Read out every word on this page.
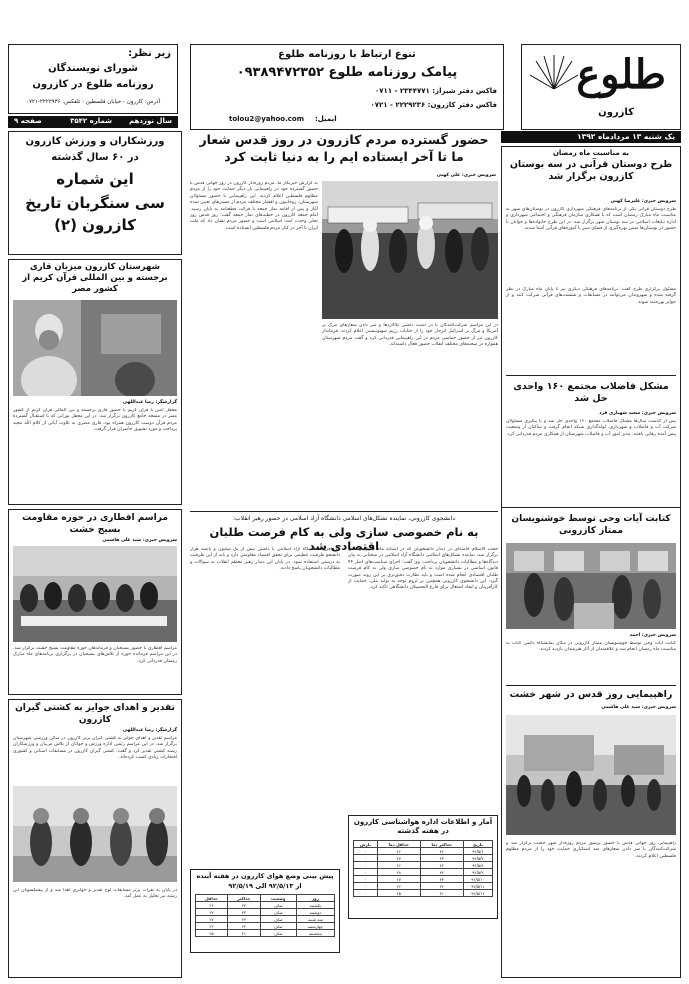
طلوع
کازرون
تنوع ارتباط با روزنامه طلوع
پیامک روزنامه طلوع ۰۹۳۸۹۴۷۲۳۵۲
فاکس دفتر شیراز: ۲۳۴۴۷۷۱ - ۰۷۱۱
فاکس دفتر کازرون: ۲۲۲۹۲۳۶ - ۰۷۲۱
ایمیل:
tolou2@yahoo.com
زیر نظر:
شورای نویسندگان
روزنامه طلوع در کازرون
آدرس: کازرون - خیابان فلسطین - تلفکس: ۲۲۲۲۹۳۶-۰۷۲۱
یک شنبه ۱۳ مردادماه ۱۳۹۲
سال نوزدهم
شماره ۳۵۴۲
صفحه ۹
به مناسبت ماه رمضان
طرح دوستان قرآنی در سه بوستان کازرون برگزار شد
سرویس خبری: علیرضا کهنی
طرح دوستان قرآنی یکی از برنامه‌های فرهنگی شهرداری کازرون در بوستان‌های شهر به مناسبت ماه مبارک رمضان است که با همکاری سازمان فرهنگی و اجتماعی شهرداری و اداره تبلیغات اسلامی در سه بوستان شهر برگزار شد. در این طرح خانواده‌ها و جوانان با حضور در بوستان‌ها ضمن بهره‌گیری از فضای سبز با آموزه‌های قرآنی آشنا شدند.
مسئول برگزاری طرح گفت: برنامه‌های فرهنگی دیگری نیز تا پایان ماه مبارک در نظر گرفته شده و شهروندان می‌توانند در مسابقات و نشست‌های قرآنی شرکت کنند و از جوایز بهره‌مند شوند.
مشکل فاضلاب مجتمع ۱۶۰ واحدی حل شد
سرویس خبری: سعید شهبازی فرد
پس از گذشت سال‌ها مشکل فاضلاب مجتمع ۱۶۰ واحدی حل شد و با پیگیری مسئولان شرکت آب و فاضلاب و شهرداری، لوله‌گذاری شبکه انجام گرفت و ساکنان از وضعیت پیش آمده رهایی یافتند. مدیر امور آب و فاضلاب شهرستان از همکاری مردم قدردانی کرد.
کتابت آیات وحی توسط خوشنویسان ممتاز کازرونی
سرویس خبری: احمد
کتابت آیات وحی توسط خوشنویسان ممتاز کازرونی در مکان نمایشگاه دائمی کتاب به مناسبت ماه رمضان انجام شد و علاقمندان از آثار هنرمندان بازدید کردند.
راهپیمایی روز قدس در شهر خشت
سرویس خبری: سید علی هاشمی
راهپیمایی روز جهانی قدس با حضور پرشور مردم روزه‌دار شهر خشت برگزار شد و شرکت‌کنندگان با سر دادن شعارهای ضد استکباری حمایت خود را از مردم مظلوم فلسطین اعلام کردند.
حضور گسترده مردم کازرون در روز قدس شعار ما تا آخر ایستاده ایم را به دنیا ثابت کرد
سرویس خبری: علی کهنی
به گزارش خبرنگار ما، مردم روزه‌دار کازرون در روز جهانی قدس با حضور گسترده خود در راهپیمایی بار دیگر حمایت خود را از مردم مظلوم فلسطین اعلام کردند. این راهپیمایی با حضور مسئولان شهرستان، روحانیون و اقشار مختلف مردم از مسیرهای تعیین شده آغاز و پس از اقامه نماز جمعه با قرائت قطعنامه به پایان رسید. امام جمعه کازرون در خطبه‌های نماز جمعه گفت: روز قدس روز تجلی وحدت امت اسلامی است و حضور مردم نشان داد که ملت ایران تا آخر در کنار مردم فلسطین ایستاده است.
در این مراسم شرکت‌کنندگان با در دست داشتن پلاکاردها و سر دادن شعارهای مرگ بر آمریکا و مرگ بر اسرائیل انزجار خود را از جنایات رژیم صهیونیستی اعلام کردند. فرماندار کازرون نیز از حضور حماسی مردم در این راهپیمایی قدردانی کرد و گفت مردم شهرستان همواره در صحنه‌های مختلف انقلاب حضور فعال داشته‌اند.
دانشجوی کازرونی، نماینده تشکل‌های اسلامی دانشگاه آزاد اسلامی در حضور رهبر انقلاب:
به نام خصوصی سازی ولی به کام فرصت طلبان اقتصادی شد
حجت الاسلام خامنه‌ای در دیدار دانشجویان که در آستانه ماه مبارک رمضان برگزار شد، نماینده تشکل‌های اسلامی دانشگاه آزاد اسلامی در سخنانی به بیان دیدگاه‌ها و مطالبات دانشجویان پرداخت. وی گفت: اجرای سیاست‌های اصل ۴۴ قانون اساسی در بسیاری موارد به نام خصوصی سازی ولی به کام فرصت طلبان اقتصادی انجام شده است و باید نظارت دقیق‌تری بر این روند صورت گیرد. این دانشجوی کازرونی همچنین بر لزوم توجه به تولید ملی، حمایت از کارآفرینان و ایجاد اشتغال برای فارغ التحصیلان دانشگاهی تاکید کرد.
وی افزود: دانشگاه آزاد اسلامی با داشتن بیش از یک میلیون و پانصد هزار دانشجو ظرفیت عظیمی برای تحقق اقتصاد مقاومتی دارد و باید از این ظرفیت به درستی استفاده شود. در پایان این دیدار رهبر معظم انقلاب به سوالات و مطالبات دانشجویان پاسخ دادند.
آمار و اطلاعات اداره هواشناسی کازرون در هفته گذشته
تاریخ	حداکثر دما	حداقل دما	بارش
۹۲/۵/۶	۴۲	۲۶	۰
۹۲/۵/۷	۴۳	۲۷	۰
۹۲/۵/۸	۴۲	۲۶	۰
۹۲/۵/۹	۴۴	۲۸	۰
۹۲/۵/۱۰	۴۳	۲۷	۰
۹۲/۵/۱۱	۴۲	۲۶	۰
۹۲/۵/۱۲	۴۱	۲۵	۰
پیش بینی وضع هوای کازرون در هفته آینده
از ۹۲/۵/۱۳ الی ۹۲/۵/۱۹
روز	وضعیت	حداکثر	حداقل
یکشنبه	صاف	۴۲	۲۶
دوشنبه	صاف	۴۳	۲۷
سه شنبه	صاف	۴۳	۲۷
چهارشنبه	صاف	۴۲	۲۶
پنجشنبه	صاف	۴۱	۲۵
ورزشکاران و ورزش کازرون
در ۶۰ سال گذشته
این شماره
سی سنگربان تاریخ کازرون (۲)
شهرستان کازرون میزبان قاری برجسته و بین المللی قرآن کریم از کشور مصر
گزارشگر: رضا عبداللهی
محفل انس با قرآن کریم با حضور قاری برجسته و بین المللی قرآن کریم از کشور مصر در مسجد جامع کازرون برگزار شد. در این محفل نورانی که با استقبال گسترده مردم قرآن دوست کازرون همراه بود، قاری مصری به تلاوت آیاتی از کلام الله مجید پرداخت و مورد تشویق حاضران قرار گرفت.
مراسم افطاری در حوزه مقاومت بسیج خشت
سرویس خبری: سید علی هاشمی
مراسم افطاری با حضور بسیجیان و فرماندهان حوزه مقاومت بسیج خشت برگزار شد. در این مراسم فرمانده حوزه از تلاش‌های بسیجیان در برگزاری برنامه‌های ماه مبارک رمضان قدردانی کرد.
تقدیر و اهدای جوایز به کشتی گیران کازرون
گزارشگر: رضا عبداللهی
مراسم تقدیر و اهدای جوایز به کشتی گیران برتر کازرون در سالن ورزشی شهرستان برگزار شد. در این مراسم رئیس اداره ورزش و جوانان از تلاش مربیان و ورزشکاران رشته کشتی تقدیر کرد و گفت: کشتی گیران کازرون در مسابقات استانی و کشوری افتخارات زیادی کسب کرده‌اند.
در پایان به نفرات برتر مسابقات لوح تقدیر و جوایزی اهدا شد و از پیشکسوتان این رشته نیز تجلیل به عمل آمد.
